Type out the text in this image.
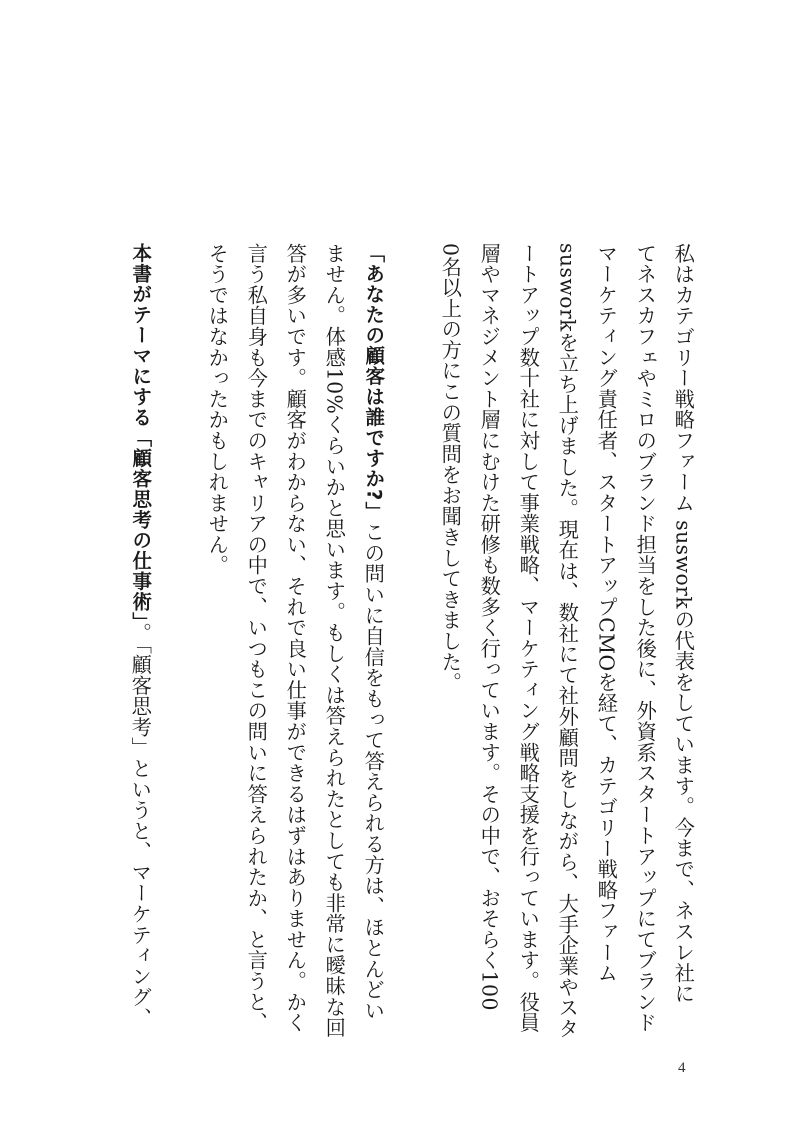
私はカテゴリー戦略ファーム susworkの代表をしています。今まで、ネスレ社に
てネスカフェやミロのブランド担当をした後に、外資系スタートアップにてブランド
マーケティング責任者、スタートアップCMOを経て、カテゴリー戦略ファーム
susworkを立ち上げました。現在は、数社にて社外顧問をしながら、大手企業やスタ
ートアップ数十社に対して事業戦略、マーケティング戦略支援を行っています。役員
層やマネジメント層にむけた研修も数多く行っています。その中で、おそらく100
0名以上の方にこの質問をお聞きしてきました。
「あなたの顧客は誰ですか?」この問いに自信をもって答えられる方は、ほとんどい
ません。体感10%くらいかと思います。もしくは答えられたとしても非常に曖昧な回
答が多いです。顧客がわからない、それで良い仕事ができるはずはありません。かく
言う私自身も今までのキャリアの中で、いつもこの問いに答えられたか、と言うと、
そうではなかったかもしれません。
本書がテーマにする「顧客思考の仕事術」。「顧客思考」というと、マーケティング、
4
